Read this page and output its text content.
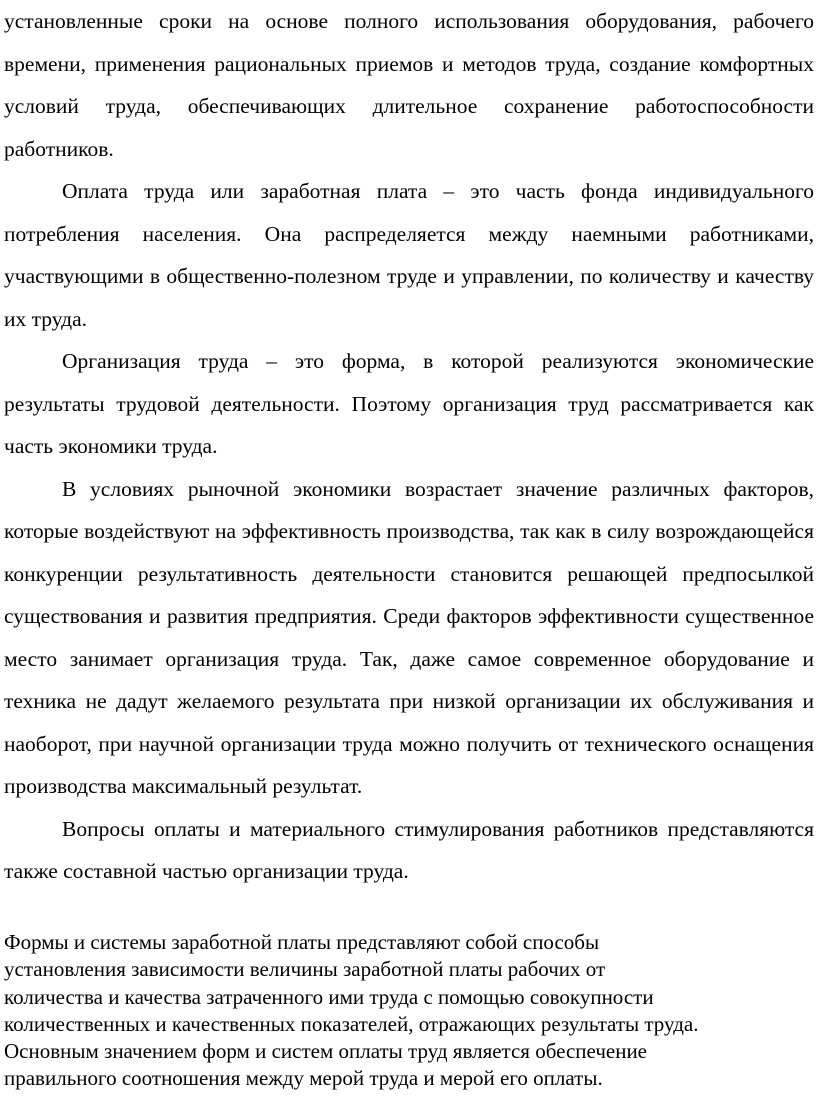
установленные сроки на основе полного использования оборудования, рабочего времени, применения рациональных приемов и методов труда, создание комфортных условий труда, обеспечивающих длительное сохранение работоспособности работников.

Оплата труда или заработная плата – это часть фонда индивидуального потребления населения. Она распределяется между наемными работниками, участвующими в общественно-полезном труде и управлении, по количеству и качеству их труда.

Организация труда – это форма, в которой реализуются экономические результаты трудовой деятельности. Поэтому организация труд рассматривается как часть экономики труда.

В условиях рыночной экономики возрастает значение различных факторов, которые воздействуют на эффективность производства, так как в силу возрождающейся конкуренции результативность деятельности становится решающей предпосылкой существования и развития предприятия. Среди факторов эффективности существенное место занимает организация труда. Так, даже самое современное оборудование и техника не дадут желаемого результата при низкой организации их обслуживания и наоборот, при научной организации труда можно получить от технического оснащения производства максимальный результат.

Вопросы оплаты и материального стимулирования работников представляются также составной частью организации труда.

Формы и системы заработной платы представляют собой способы

установления зависимости величины заработной платы рабочих от

количества и качества затраченного ими труда с помощью совокупности

количественных и качественных показателей, отражающих результаты труда.

Основным значением форм и систем оплаты труд является обеспечение

правильного соотношения между мерой труда и мерой его оплаты.
